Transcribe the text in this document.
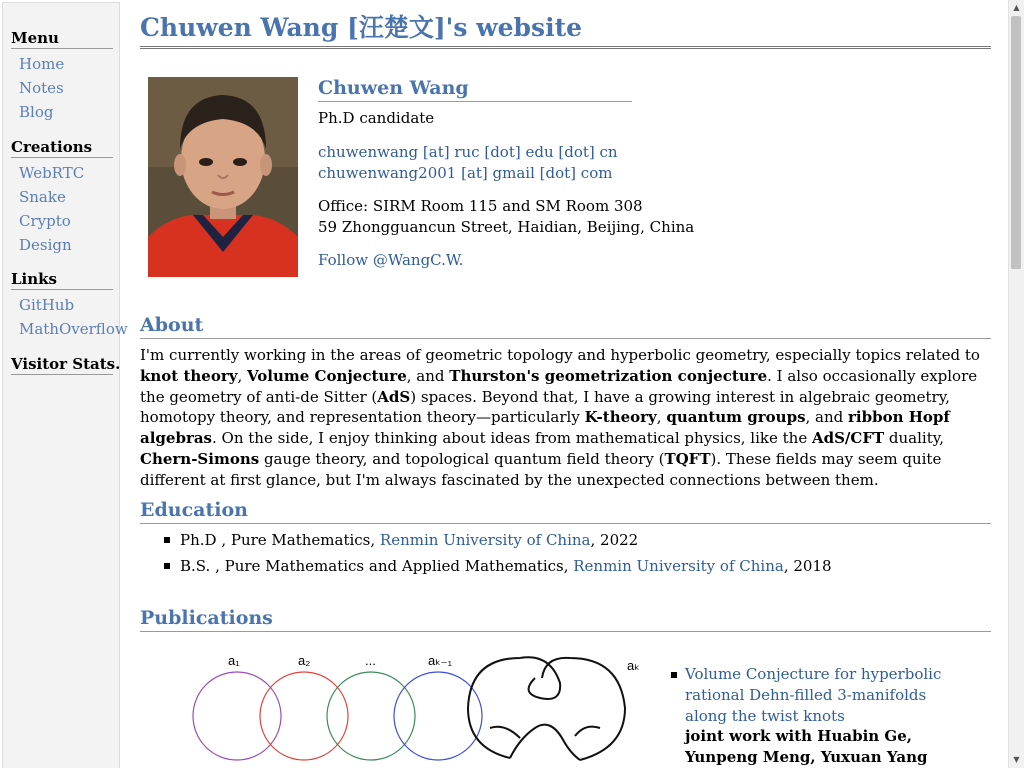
Menu
Home
Notes
Blog
Creations
WebRTC
Snake
Crypto
Design
Links
GitHub
MathOverflow
Visitor Stats.
Chuwen Wang [汪楚文]'s website
Chuwen Wang
Ph.D candidate
chuwenwang [at] ruc [dot] edu [dot] cn
chuwenwang2001 [at] gmail [dot] com
Office: SIRM Room 115 and SM Room 308
59 Zhongguancun Street, Haidian, Beijing, China
Follow @WangC.W.
About

I'm currently working in the areas of geometric topology and hyperbolic geometry, especially topics related to knot theory, Volume Conjecture, and Thurston's geometrization conjecture. I also occasionally explore the geometry of anti-de Sitter (AdS) spaces. Beyond that, I have a growing interest in algebraic geometry, homotopy theory, and representation theory—particularly K-theory, quantum groups, and ribbon Hopf algebras. On the side, I enjoy thinking about ideas from mathematical physics, like the AdS/CFT duality, Chern-Simons gauge theory, and topological quantum field theory (TQFT). These fields may seem quite different at first glance, but I'm always fascinated by the unexpected connections between them.

Education
Ph.D , Pure Mathematics, Renmin University of China, 2022
B.S. , Pure Mathematics and Applied Mathematics, Renmin University of China, 2018
Publications
a₁	a₂	...	aₖ₋₁	aₖ	Volume Conjecture for hyperbolic rational Dehn-filled 3-manifolds along the twist knots
joint work with Huabin Ge, Yunpeng Meng, Yuxuan Yang
▲
▼
